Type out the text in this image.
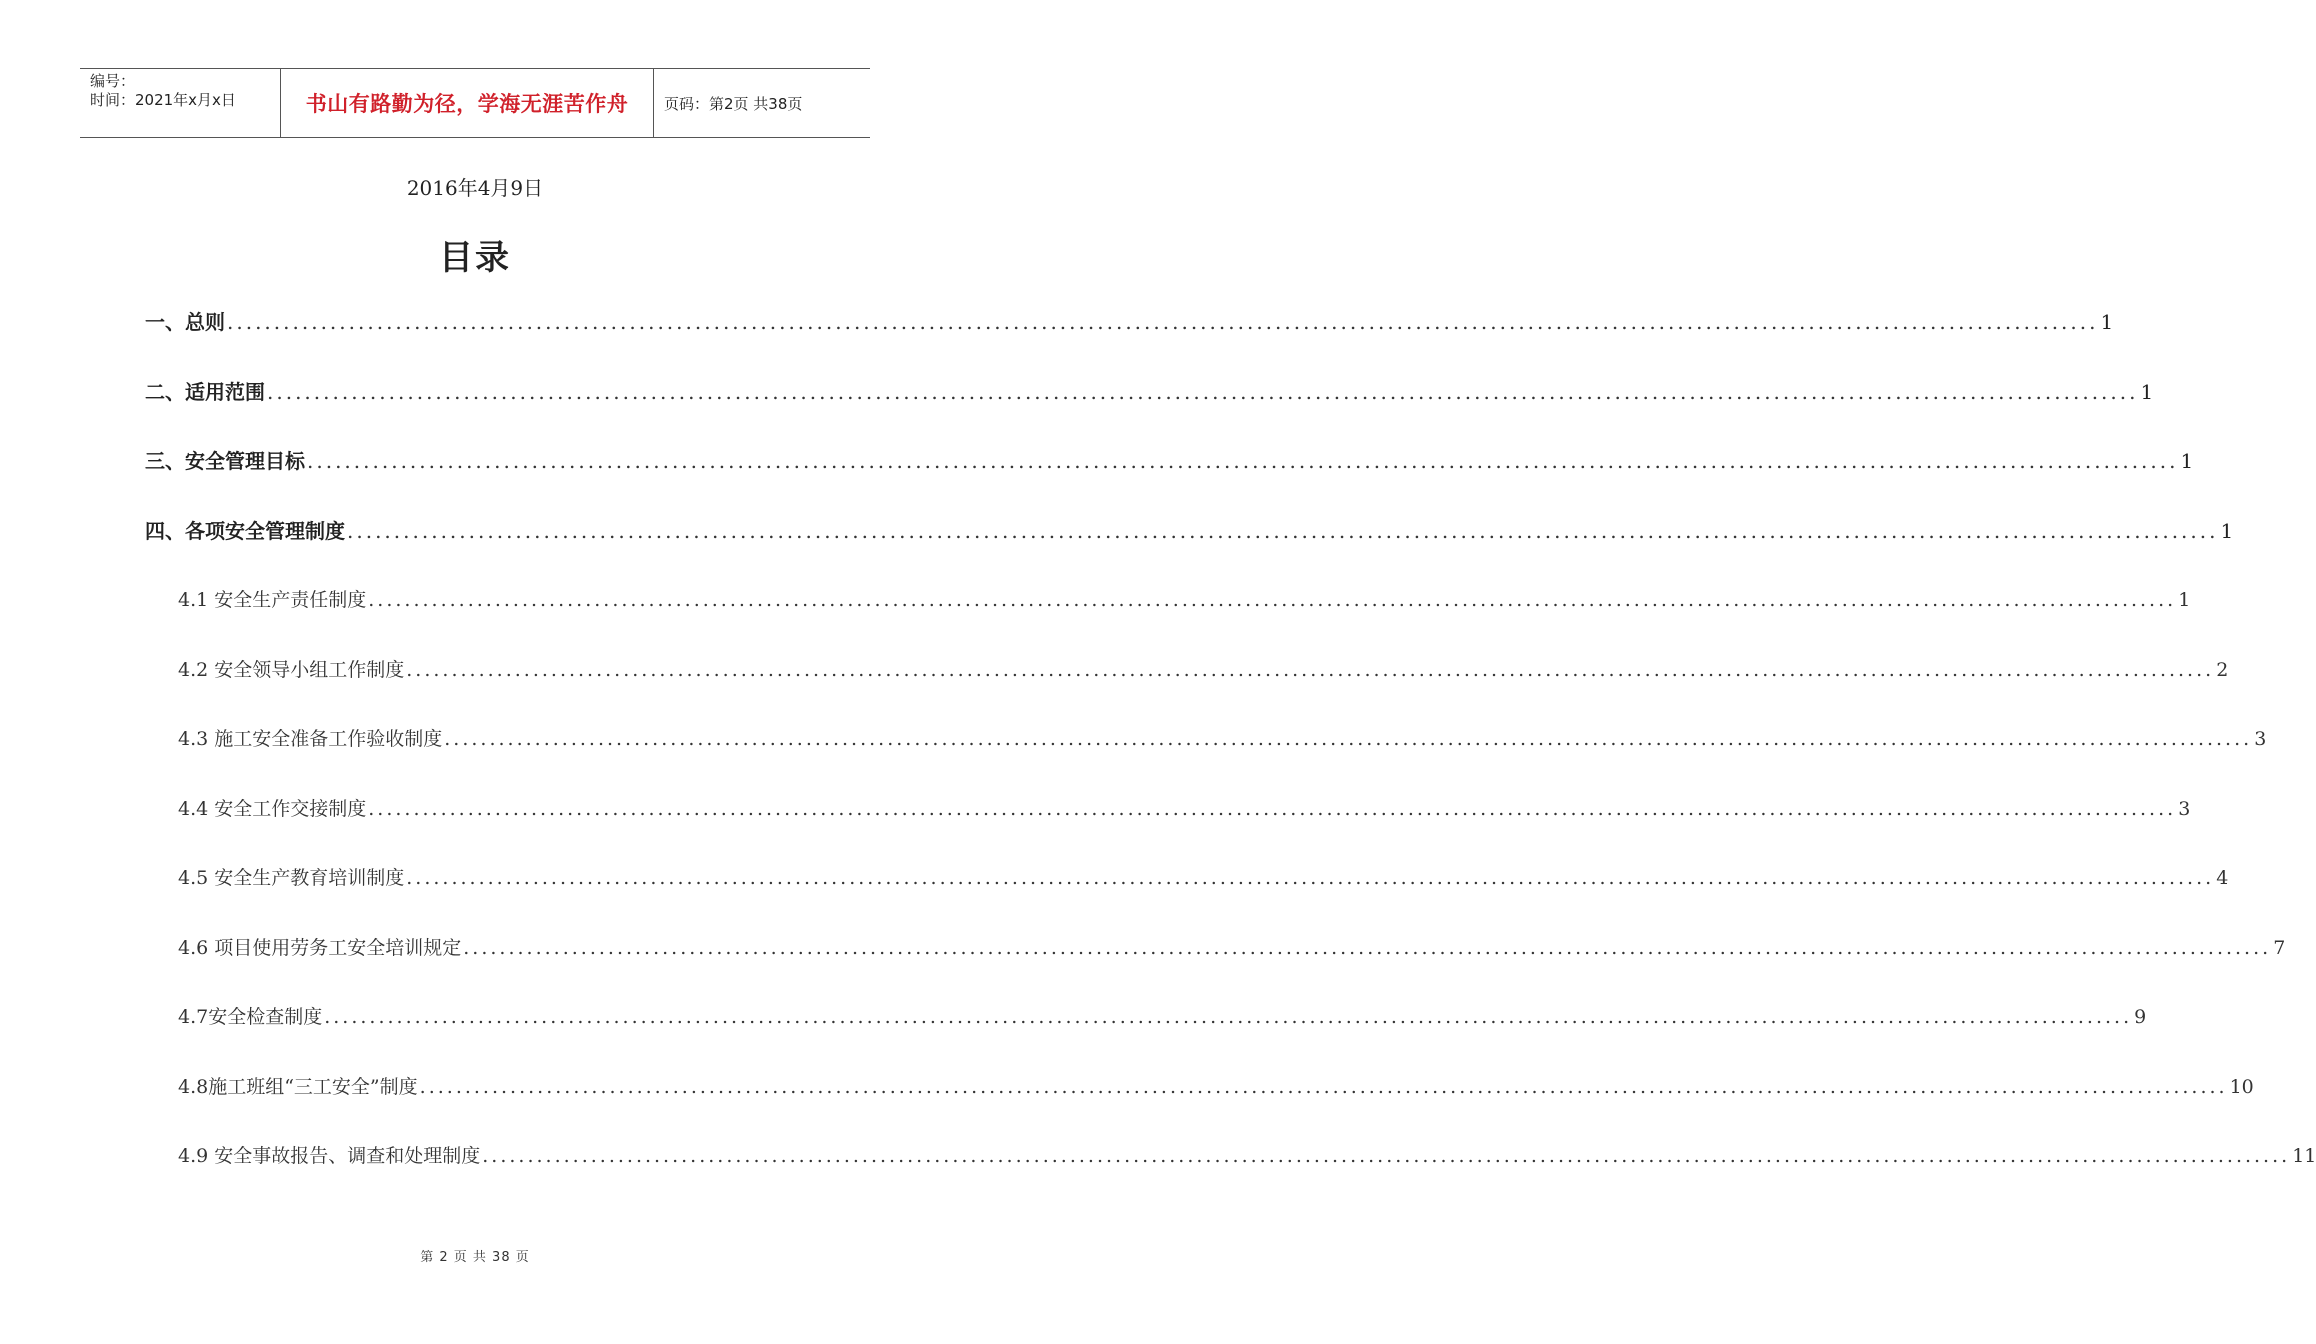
编号：
时间：2021年x月x日	书山有路勤为径，学海无涯苦作舟	页码：第2页 共38页
2016年4月9日
目录
一、总则 ........................................................................................................................................................................................................ 1
二、适用范围 ........................................................................................................................................................................................................ 1
三、安全管理目标 ........................................................................................................................................................................................................ 1
四、各项安全管理制度 ........................................................................................................................................................................................................ 1
4.1 安全生产责任制度 ........................................................................................................................................................................................................ 1
4.2 安全领导小组工作制度 ........................................................................................................................................................................................................ 2
4.3 施工安全准备工作验收制度 ........................................................................................................................................................................................................ 3
4.4 安全工作交接制度 ........................................................................................................................................................................................................ 3
4.5 安全生产教育培训制度 ........................................................................................................................................................................................................ 4
4.6 项目使用劳务工安全培训规定 ........................................................................................................................................................................................................ 7
4.7安全检查制度 ........................................................................................................................................................................................................ 9
4.8施工班组“三工安全”制度 ........................................................................................................................................................................................................ 10
4.9 安全事故报告、调查和处理制度 ........................................................................................................................................................................................................ 11
第 2 页 共 38 页
